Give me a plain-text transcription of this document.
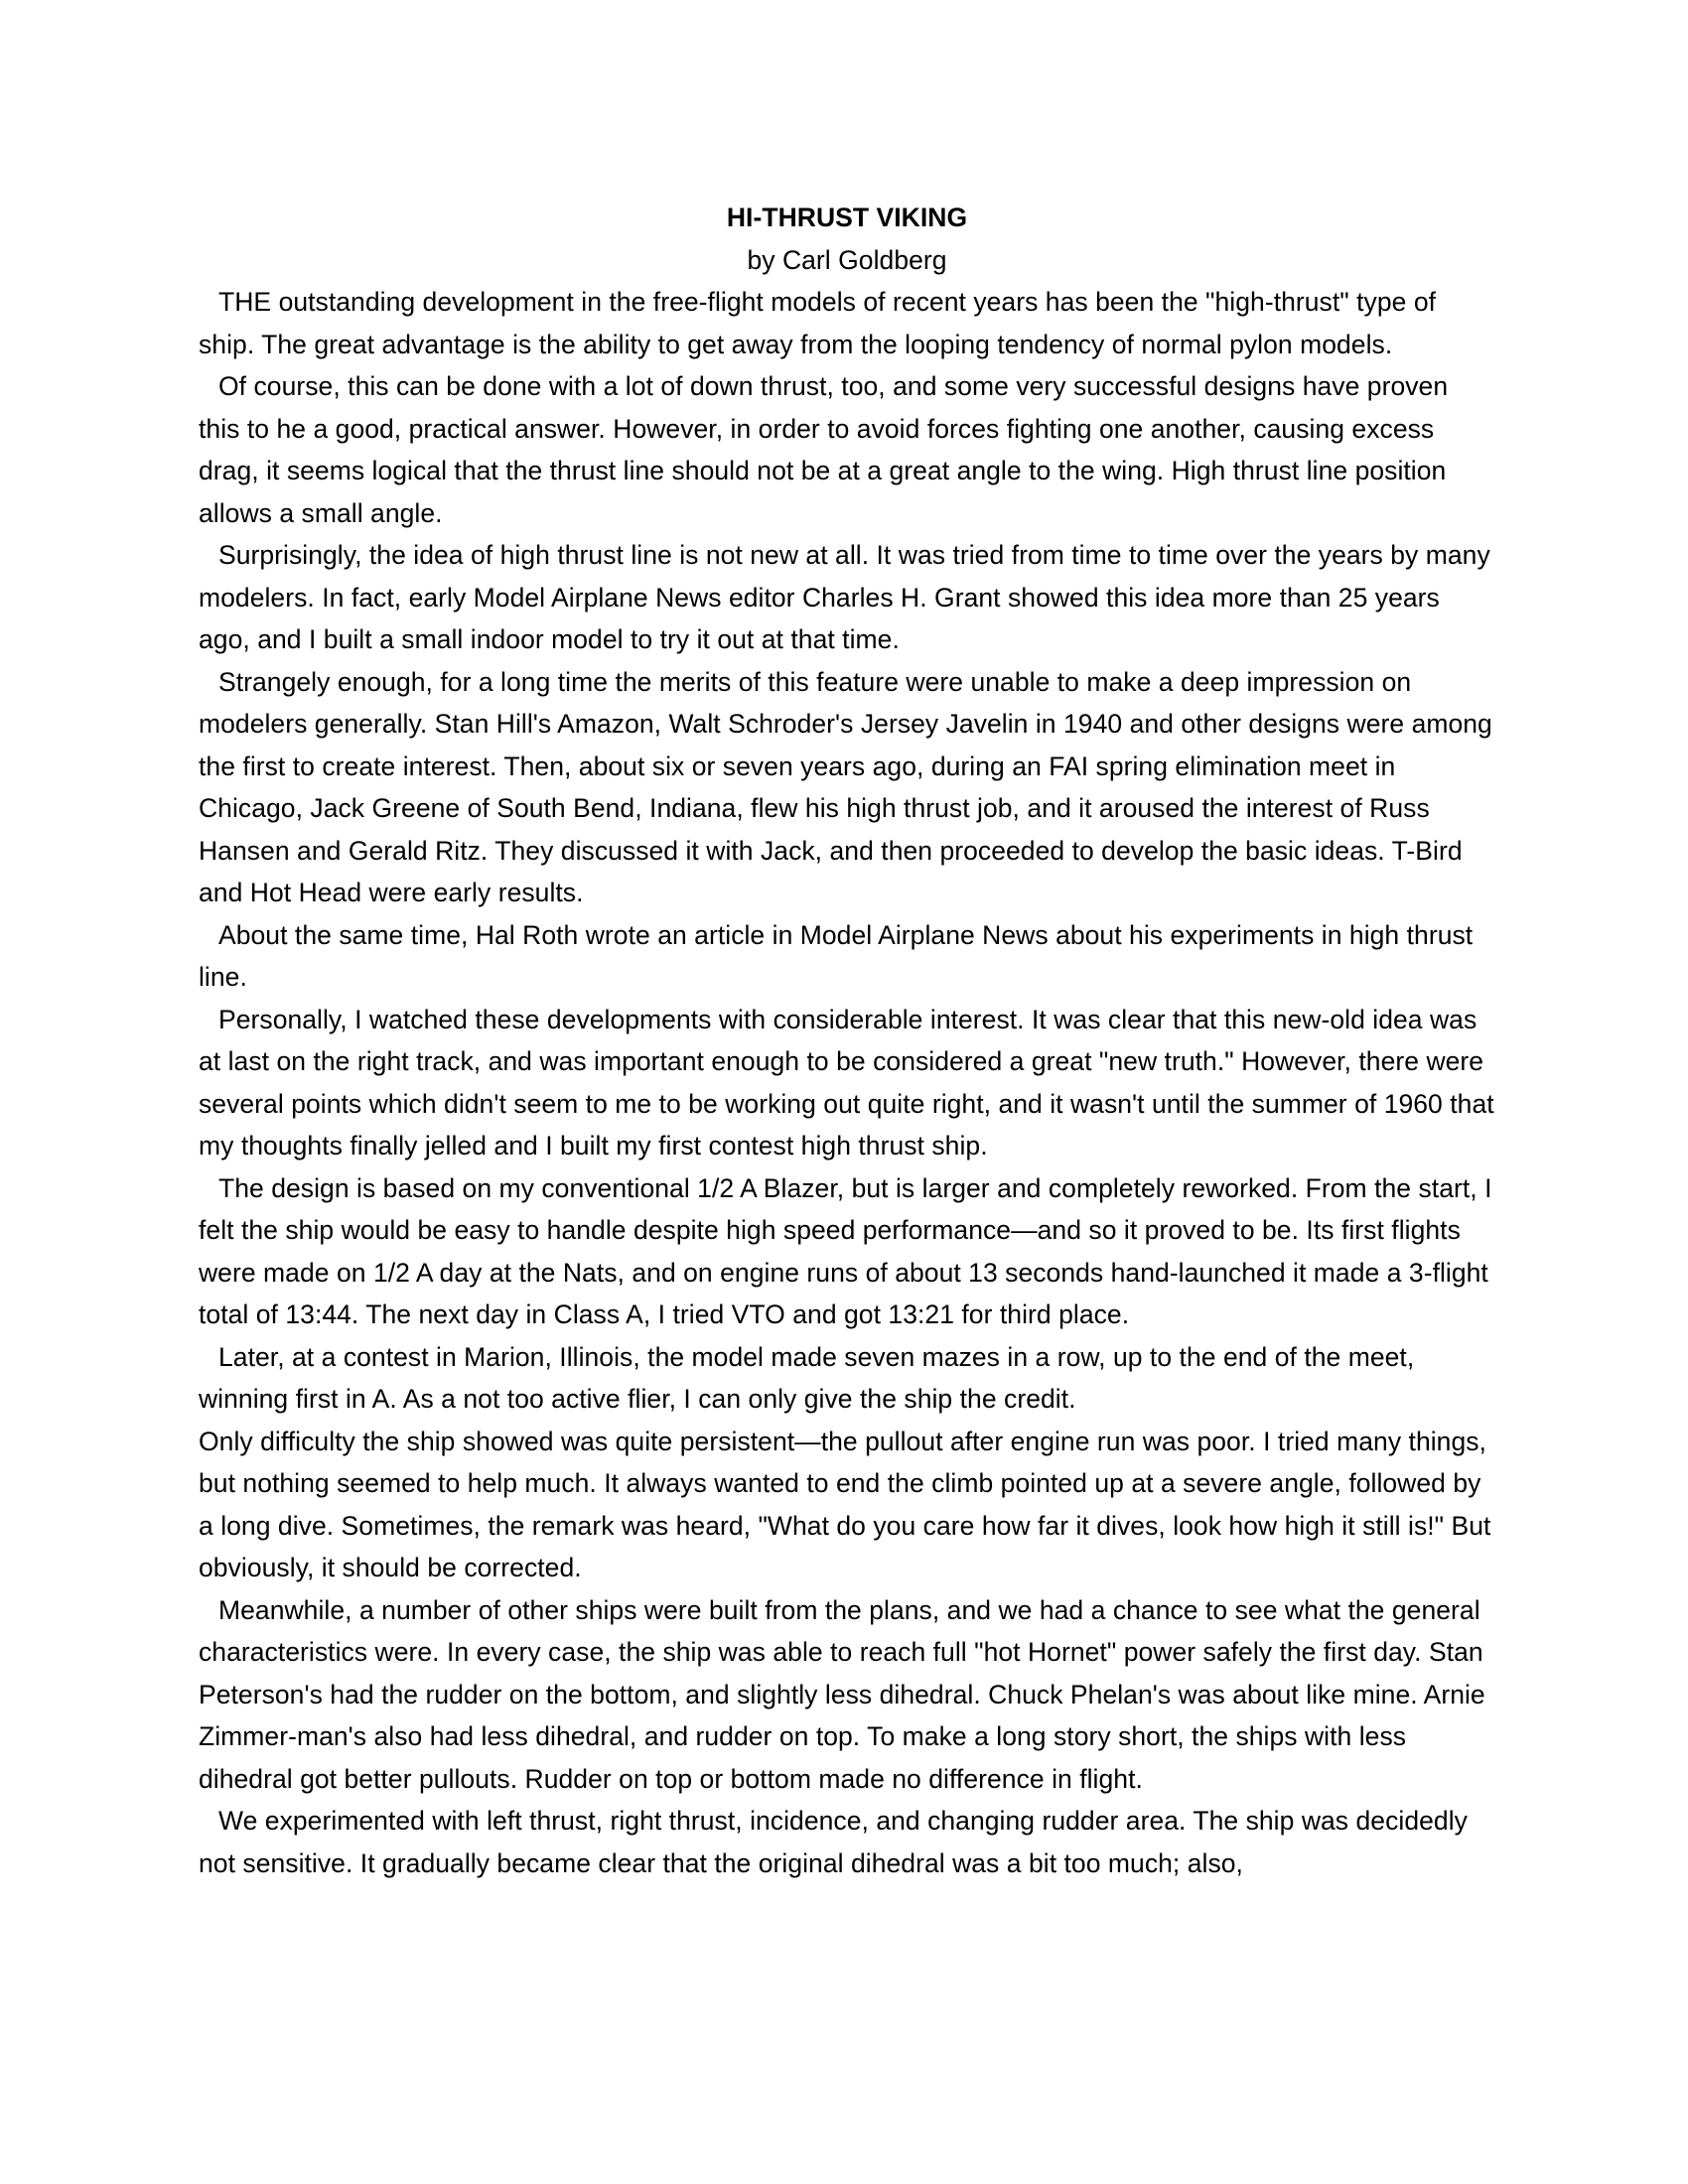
HI-THRUST VIKING

by Carl Goldberg

THE outstanding development in the free-flight models of recent years has been the "high-thrust" type of ship. The great advantage is the ability to get away from the looping tendency of normal pylon models.

Of course, this can be done with a lot of down thrust, too, and some very successful designs have proven this to he a good, practical answer. However, in order to avoid forces fighting one another, causing excess drag, it seems logical that the thrust line should not be at a great angle to the wing. High thrust line position allows a small angle.

Surprisingly, the idea of high thrust line is not new at all. It was tried from time to time over the years by many modelers. In fact, early Model Airplane News editor Charles H. Grant showed this idea more than 25 years ago, and I built a small indoor model to try it out at that time.

Strangely enough, for a long time the merits of this feature were unable to make a deep impression on modelers generally. Stan Hill's Amazon, Walt Schroder's Jersey Javelin in 1940 and other designs were among the first to create interest. Then, about six or seven years ago, during an FAI spring elimination meet in Chicago, Jack Greene of South Bend, Indiana, flew his high thrust job, and it aroused the interest of Russ Hansen and Gerald Ritz. They discussed it with Jack, and then proceeded to develop the basic ideas. T-Bird and Hot Head were early results.

About the same time, Hal Roth wrote an article in Model Airplane News about his experiments in high thrust line.

Personally, I watched these developments with considerable interest. It was clear that this new-old idea was at last on the right track, and was important enough to be considered a great "new truth." However, there were several points which didn't seem to me to be working out quite right, and it wasn't until the summer of 1960 that my thoughts finally jelled and I built my first contest high thrust ship.

The design is based on my conventional 1/2 A Blazer, but is larger and completely reworked. From the start, I felt the ship would be easy to handle despite high speed performance—and so it proved to be. Its first flights were made on 1/2 A day at the Nats, and on engine runs of about 13 seconds hand-launched it made a 3-flight total of 13:44. The next day in Class A, I tried VTO and got 13:21 for third place.

Later, at a contest in Marion, Illinois, the model made seven mazes in a row, up to the end of the meet, winning first in A. As a not too active flier, I can only give the ship the credit.

Only difficulty the ship showed was quite persistent—the pullout after engine run was poor. I tried many things, but nothing seemed to help much. It always wanted to end the climb pointed up at a severe angle, followed by a long dive. Sometimes, the remark was heard, "What do you care how far it dives, look how high it still is!" But obviously, it should be corrected.

Meanwhile, a number of other ships were built from the plans, and we had a chance to see what the general characteristics were. In every case, the ship was able to reach full "hot Hornet" power safely the first day. Stan Peterson's had the rudder on the bottom, and slightly less dihedral. Chuck Phelan's was about like mine. Arnie Zimmer-man's also had less dihedral, and rudder on top. To make a long story short, the ships with less dihedral got better pullouts. Rudder on top or bottom made no difference in flight.

We experimented with left thrust, right thrust, incidence, and changing rudder area. The ship was decidedly not sensitive. It gradually became clear that the original dihedral was a bit too much; also,
